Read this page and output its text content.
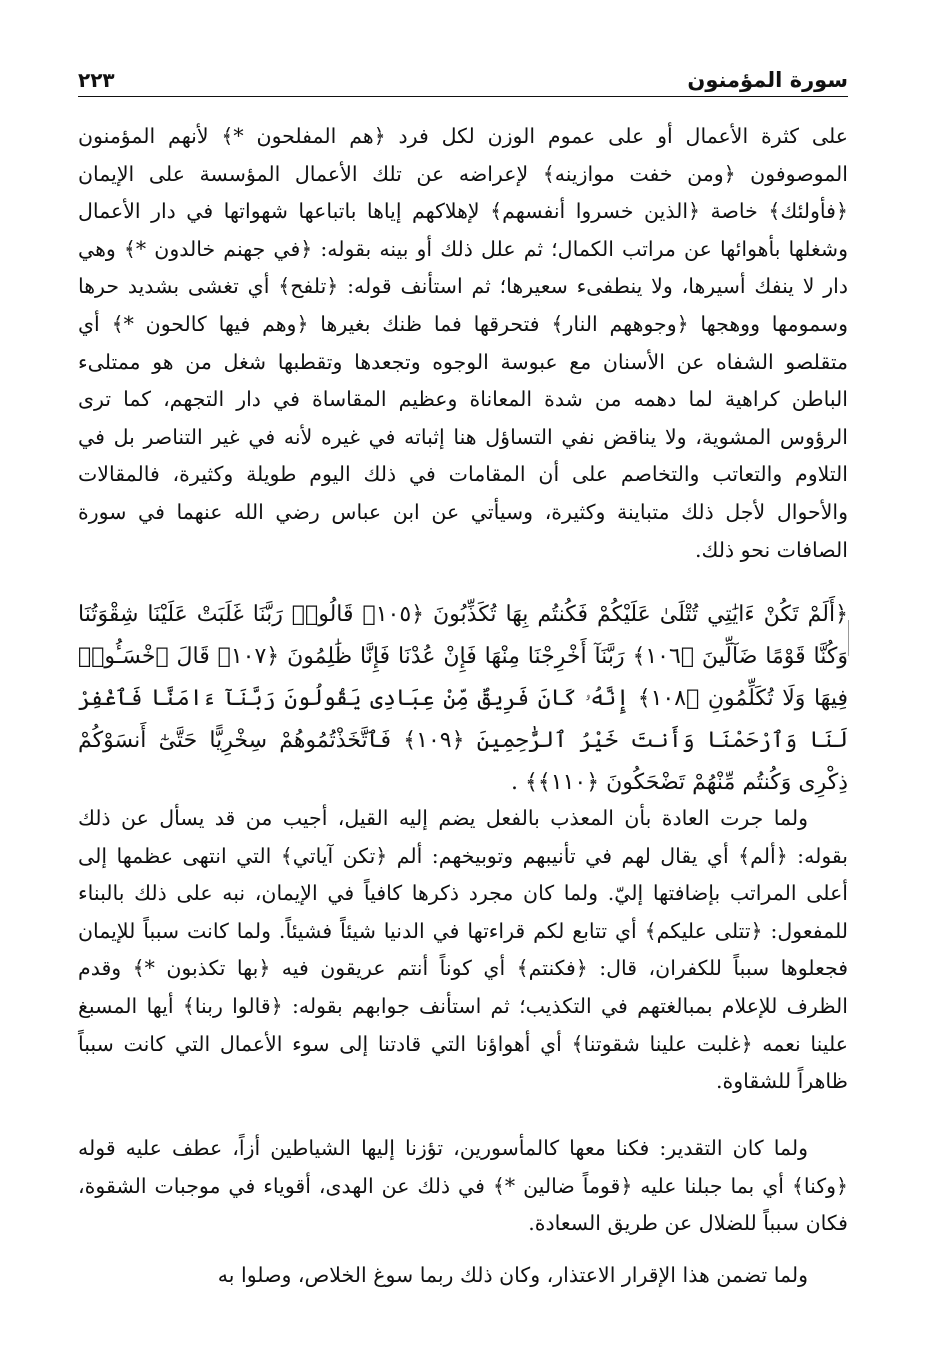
سورة المؤمنون
٢٢٣
على كثرة الأعمال أو على عموم الوزن لكل فرد ﴿هم المفلحون *﴾ لأنهم المؤمنون الموصوفون ﴿ومن خفت موازينه﴾ لإعراضه عن تلك الأعمال المؤسسة على الإيمان ﴿فأولئك﴾ خاصة ﴿الذين خسروا أنفسهم﴾ لإهلاكهم إياها باتباعها شهواتها في دار الأعمال وشغلها بأهوائها عن مراتب الكمال؛ ثم علل ذلك أو بينه بقوله: ﴿في جهنم خالدون *﴾ وهي دار لا ينفك أسيرها، ولا ينطفىء سعيرها؛ ثم استأنف قوله: ﴿تلفح﴾ أي تغشى بشديد حرها وسمومها ووهجها ﴿وجوههم النار﴾ فتحرقها فما ظنك بغيرها ﴿وهم فيها كالحون *﴾ أي متقلصو الشفاه عن الأسنان مع عبوسة الوجوه وتجعدها وتقطبها شغل من هو ممتلىء الباطن كراهية لما دهمه من شدة المعاناة وعظيم المقاساة في دار التجهم، كما ترى الرؤوس المشوية، ولا يناقض نفي التساؤل هنا إثباته في غيره لأنه في غير التناصر بل في التلاوم والتعاتب والتخاصم على أن المقامات في ذلك اليوم طويلة وكثيرة، فالمقالات والأحوال لأجل ذلك متباينة وكثيرة، وسيأتي عن ابن عباس رضي الله عنهما في سورة الصافات نحو ذلك.
﴿أَلَمْ تَكُنْ ءَايَٰتِي تُتْلَىٰ عَلَيْكُمْ فَكُنتُم بِهَا تُكَذِّبُونَ ﴿١٠٥﴾ قَالُوا۟ رَبَّنَا غَلَبَتْ عَلَيْنَا شِقْوَتُنَا وَكُنَّا قَوْمًا ضَآلِّينَ ﴿١٠٦﴾ رَبَّنَآ أَخْرِجْنَا مِنْهَا فَإِنْ عُدْنَا فَإِنَّا ظَٰلِمُونَ ﴿١٠٧﴾ قَالَ ٱخْسَـُٔوا۟ فِيهَا وَلَا تُكَلِّمُونِ ﴿١٠٨﴾ إِنَّهُۥ كَانَ فَرِيقٌ مِّنْ عِبَادِى يَقُولُونَ رَبَّنَآ ءَامَنَّا فَٱغْفِرْ لَنَا وَٱرْحَمْنَا وَأَنتَ خَيْرُ ٱلرَّٰحِمِينَ ﴿١٠٩﴾ فَٱتَّخَذْتُمُوهُمْ سِخْرِيًّا حَتَّىٰٓ أَنسَوْكُمْ ذِكْرِى وَكُنتُم مِّنْهُمْ تَضْحَكُونَ ﴿١١٠﴾﴾ .
ولما جرت العادة بأن المعذب بالفعل يضم إليه القيل، أجيب من قد يسأل عن ذلك بقوله: ﴿ألم﴾ أي يقال لهم في تأنيبهم وتوبيخهم: ألم ﴿تكن آياتي﴾ التي انتهى عظمها إلى أعلى المراتب بإضافتها إليّ. ولما كان مجرد ذكرها كافياً في الإيمان، نبه على ذلك بالبناء للمفعول: ﴿تتلى عليكم﴾ أي تتابع لكم قراءتها في الدنيا شيئاً فشيئاً. ولما كانت سبباً للإيمان فجعلوها سبباً للكفران، قال: ﴿فكنتم﴾ أي كوناً أنتم عريقون فيه ﴿بها تكذبون *﴾ وقدم الظرف للإعلام بمبالغتهم في التكذيب؛ ثم استأنف جوابهم بقوله: ﴿قالوا ربنا﴾ أيها المسبغ علينا نعمه ﴿غلبت علينا شقوتنا﴾ أي أهواؤنا التي قادتنا إلى سوء الأعمال التي كانت سبباً ظاهراً للشقاوة.
ولما كان التقدير: فكنا معها كالمأسورين، تؤزنا إليها الشياطين أزاً، عطف عليه قوله ﴿وكنا﴾ أي بما جبلنا عليه ﴿قوماً ضالين *﴾ في ذلك عن الهدى، أقوياء في موجبات الشقوة، فكان سبباً للضلال عن طريق السعادة.
ولما تضمن هذا الإقرار الاعتذار، وكان ذلك ربما سوغ الخلاص، وصلوا به
